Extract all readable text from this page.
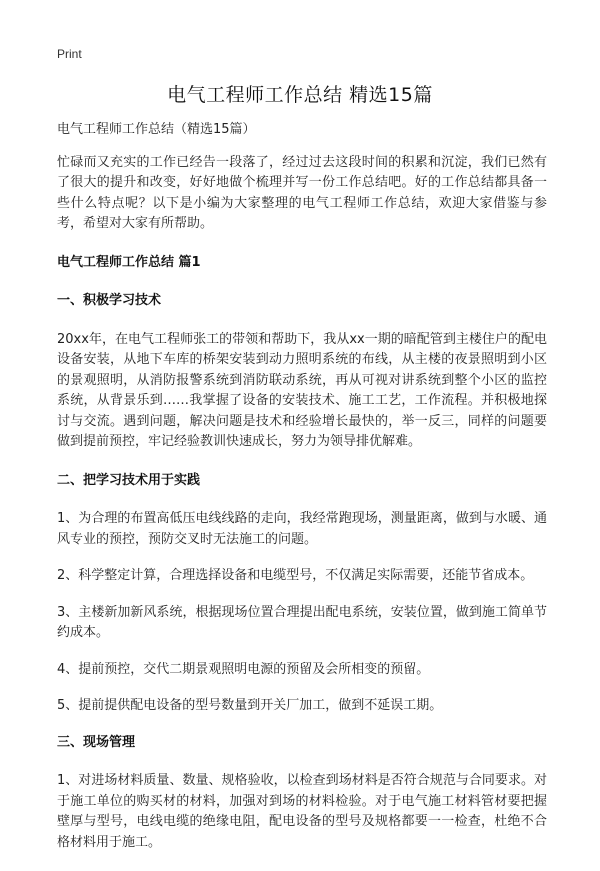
Print
电气工程师工作总结 精选15篇

电气工程师工作总结（精选15篇）

忙碌而又充实的工作已经告一段落了，经过过去这段时间的积累和沉淀，我们已然有了很大的提升和改变，好好地做个梳理并写一份工作总结吧。好的工作总结都具备一些什么特点呢？以下是小编为大家整理的电气工程师工作总结，欢迎大家借鉴与参考，希望对大家有所帮助。

电气工程师工作总结 篇1

一、积极学习技术

20xx年，在电气工程师张工的带领和帮助下，我从xx一期的暗配管到主楼住户的配电设备安装，从地下车库的桥架安装到动力照明系统的布线，从主楼的夜景照明到小区的景观照明，从消防报警系统到消防联动系统，再从可视对讲系统到整个小区的监控系统，从背景乐到……我掌握了设备的安装技术、施工工艺，工作流程。并积极地探讨与交流。遇到问题，解决问题是技术和经验增长最快的，举一反三，同样的问题要做到提前预控，牢记经验教训快速成长，努力为领导排优解难。

二、把学习技术用于实践

1、为合理的布置高低压电线线路的走向，我经常跑现场，测量距离，做到与水暖、通风专业的预控，预防交叉时无法施工的问题。

2、科学整定计算，合理选择设备和电缆型号，不仅满足实际需要，还能节省成本。

3、主楼新加新风系统，根据现场位置合理提出配电系统，安装位置，做到施工简单节约成本。

4、提前预控，交代二期景观照明电源的预留及会所相变的预留。

5、提前提供配电设备的型号数量到开关厂加工，做到不延误工期。

三、现场管理

1、对进场材料质量、数量、规格验收，以检查到场材料是否符合规范与合同要求。对于施工单位的购买材的材料，加强对到场的材料检验。对于电气施工材料管材要把握壁厚与型号，电线电缆的绝缘电阻，配电设备的型号及规格都要一一检查，杜绝不合格材料用于施工。
